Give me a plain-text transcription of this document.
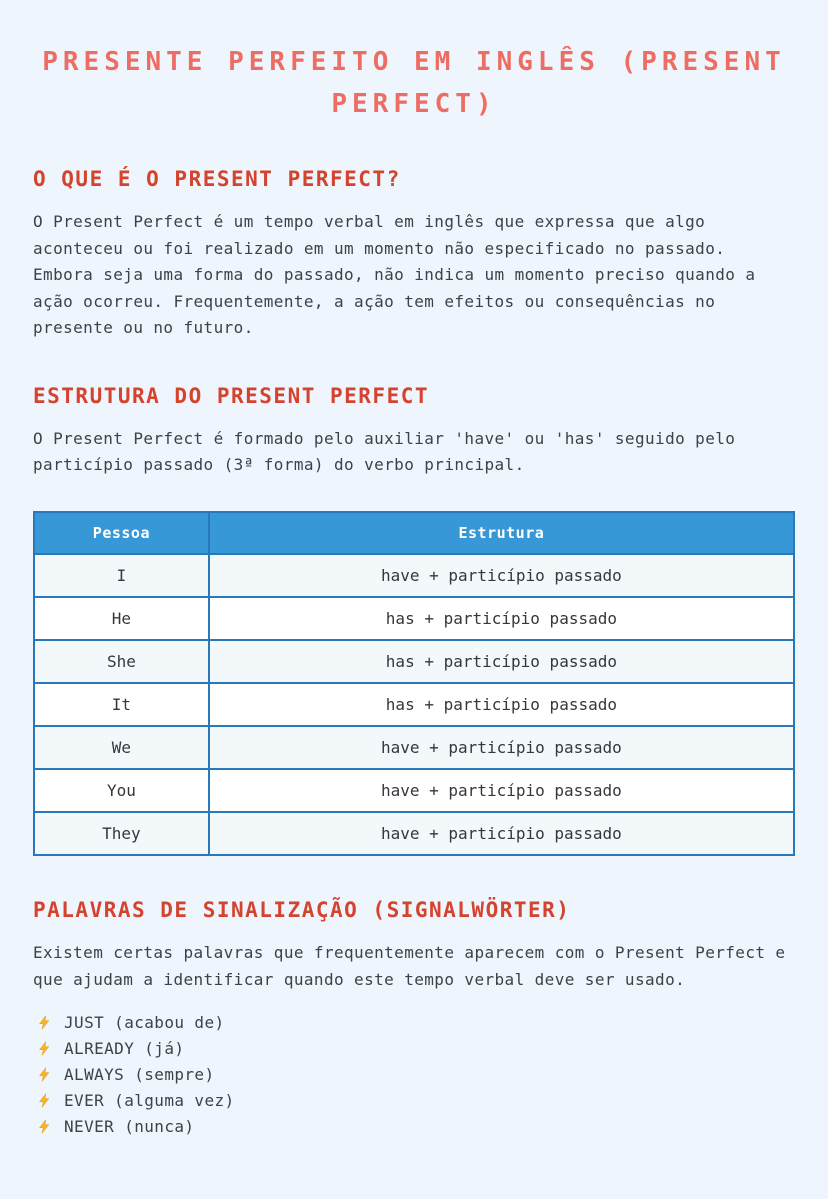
PRESENTE PERFEITO EM INGLÊS (PRESENT PERFECT)
O QUE É O PRESENT PERFECT?

O Present Perfect é um tempo verbal em inglês que expressa que algo aconteceu ou foi realizado em um momento não especificado no passado. Embora seja uma forma do passado, não indica um momento preciso quando a ação ocorreu. Frequentemente, a ação tem efeitos ou consequências no presente ou no futuro.

ESTRUTURA DO PRESENT PERFECT

O Present Perfect é formado pelo auxiliar 'have' ou 'has' seguido pelo particípio passado (3ª forma) do verbo principal.

Pessoa	Estrutura
I	have + particípio passado
He	has + particípio passado
She	has + particípio passado
It	has + particípio passado
We	have + particípio passado
You	have + particípio passado
They	have + particípio passado
PALAVRAS DE SINALIZAÇÃO (SIGNALWÖRTER)

Existem certas palavras que frequentemente aparecem com o Present Perfect e que ajudam a identificar quando este tempo verbal deve ser usado.

JUST (acabou de)
ALREADY (já)
ALWAYS (sempre)
EVER (alguma vez)
NEVER (nunca)
